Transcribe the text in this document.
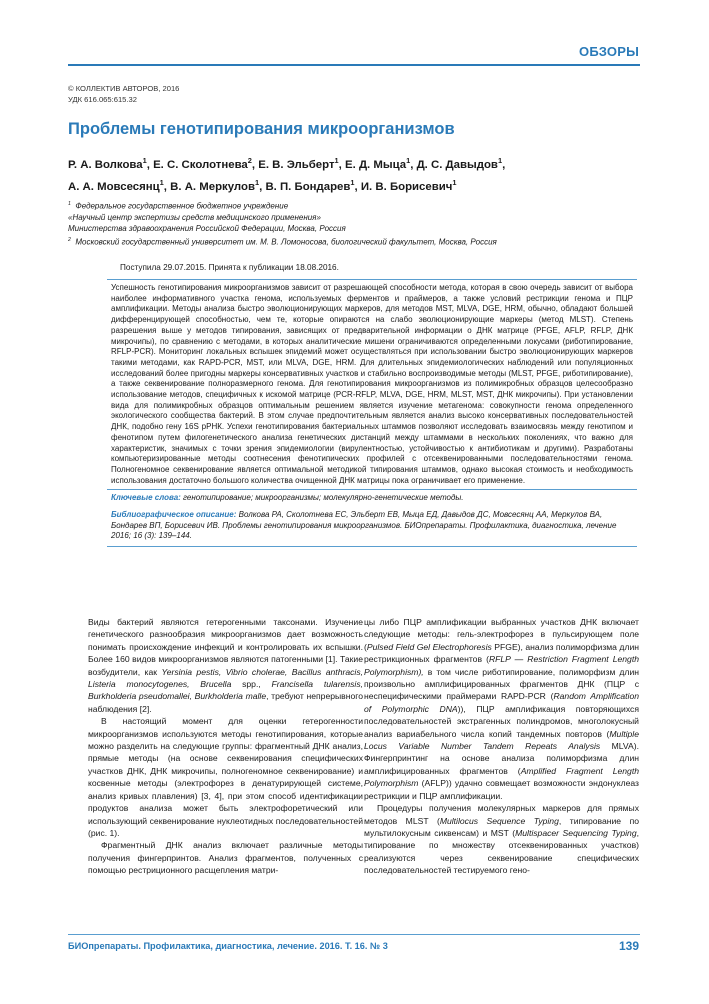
ОБЗОРЫ
© КОЛЛЕКТИВ АВТОРОВ, 2016
УДК 616.065:615.32
Проблемы генотипирования микроорганизмов
Р. А. Волкова$^1$, Е. С. Сколотнева$^2$, Е. В. Эльберт$^1$, Е. Д. Мыца$^1$, Д. С. Давыдов$^1$,
А. А. Мовсесянц$^1$, В. А. Меркулов$^1$, В. П. Бондарев$^1$, И. В. Борисевич$^1$
$^1$ Федеральное государственное бюджетное учреждение
«Научный центр экспертизы средств медицинского применения»
Министерства здравоохранения Российской Федерации, Москва, Россия
$^2$ Московский государственный университет им. М. В. Ломоносова, биологический факультет, Москва, Россия
Поступила 29.07.2015. Принята к публикации 18.08.2016.
Успешность генотипирования микроорганизмов зависит от разрешающей способности метода, которая в свою очередь зависит от выбора наиболее информативного участка генома, используемых ферментов и праймеров, а также условий рестрикции генома и ПЦР амплификации. Методы анализа быстро эволюционирующих маркеров, для методов MST, MLVA, DGE, HRM, обычно, обладают большей дифференцирующей способностью, чем те, которые опираются на слабо эволюционирующие маркеры (метод MLST). Степень разрешения выше у методов типирования, зависящих от предварительной информации о ДНК матрице (PFGE, AFLP, RFLP, ДНК микрочипы), по сравнению с методами, в которых аналитические мишени ограничиваются определенными локусами (риботипирование, RFLP-PCR). Мониторинг локальных вспышек эпидемий может осуществляться при использовании быстро эволюционирующих маркеров такими методами, как RAPD-PCR, MST, или MLVA, DGE, HRM. Для длительных эпидемиологических наблюдений или популяционных исследований более пригодны маркеры консервативных участков и стабильно воспроизводимые методы (MLST, PFGE, риботипирование), а также секвенирование полноразмерного генома. Для генотипирования микроорганизмов из полимикробных образцов целесообразно использование методов, специфичных к искомой матрице (PCR-RFLP, MLVA, DGE, HRM, MLST, MST, ДНК микрочипы). При установлении вида для полимикробных образцов оптимальным решением является изучение метагенома: совокупности генома определенного экологического сообщества бактерий. В этом случае предпочтительным является анализ высоко консервативных последовательностей ДНК, подобно гену 16S рРНК. Успехи генотипирования бактериальных штаммов позволяют исследовать взаимосвязь между генотипом и фенотипом путем филогенетического анализа генетических дистанций между штаммами в нескольких поколениях, что важно для характеристик, значимых с точки зрения эпидемиологии (вирулентностью, устойчивостью к антибиотикам и другими). Разработаны компьютеризированные методы соотнесения фенотипических профилей с отсеквенированными последовательностями генома. Полногеномное секвенирование является оптимальной методикой типирования штаммов, однако высокая стоимость и необходимость использования достаточно большого количества очищенной ДНК матрицы пока ограничивает его применение.
Ключевые слова: генотипирование; микроорганизмы; молекулярно-генетические методы.
Библиографическое описание: Волкова РА, Сколотнева ЕС, Эльберт ЕВ, Мыца ЕД, Давыдов ДС, Мовсесянц АА, Меркулов ВА, Бондарев ВП, Борисевич ИВ. Проблемы генотипирования микроорганизмов. БИОпрепараты. Профилактика, диагностика, лечение 2016; 16 (3): 139–144.

Виды бактерий являются гетерогенными таксонами. Изучение генетического разнообразия микроорганизмов дает возможность понимать происхождение инфекций и контролировать их вспышки. Более 160 видов микроорганизмов являются патогенными [1]. Такие возбудители, как Yersinia pestis, Vibrio cholerae, Bacillus anthracis, Listeria monocytogenes, Brucella spp., Francisella tularensis, Burkholderia pseudomallei, Burkholderia malle, требуют непрерывного наблюдения [2].

В настоящий момент для оценки гетерогенности микроорганизмов используются методы генотипирования, которые можно разделить на следующие группы: фрагментный ДНК анализ, прямые методы (на основе секвенирования специфических участков ДНК, ДНК микрочипы, полногеномное секвенирование) и косвенные методы (электрофорез в денатурирующей системе, анализ кривых плавления) [3, 4], при этом способ идентификации продуктов анализа может быть электрофоретический или использующий секвенирование нуклеотидных последовательностей (рис. 1).

Фрагментный ДНК анализ включает различные методы получения фингерпринтов. Анализ фрагментов, полученных с помощью рестриционного расщепления матри-

цы либо ПЦР амплификации выбранных участков ДНК включает следующие методы: гель-электрофорез в пульсирующем поле (Pulsed Field Gel Electrophoresis PFGE), анализ полиморфизма длин рестрикционных фрагментов (RFLP — Restriction Fragment Length Polymorphism), в том числе риботипирование, полиморфизм длин произвольно амплифицированных фрагментов ДНК (ПЦР с неспецифическими праймерами RAPD-PCR (Random Amplification of Polymorphic DNA)), ПЦР амплификация повторяющихся последовательностей экстрагенных полиндромов, многолокусный анализ вариабельного числа копий тандемных повторов (Multiple Locus Variable Number Tandem Repeats Analysis MLVA). Фингерпринтинг на основе анализа полиморфизма длин амплифицированных фрагментов (Amplified Fragment Length Polymorphism (AFLP)) удачно совмещает возможности эндонуклеаз рестрикции и ПЦР амплификации.

Процедуры получения молекулярных маркеров для прямых методов MLST (Multilocus Sequence Typing, типирование по мультилокусным сиквенсам) и MST (Multispacer Sequencing Typing, типирование по множеству отсеквенированных участков) реализуются через секвенирование специфических последовательностей тестируемого гено-

БИОпрепараты. Профилактика, диагностика, лечение. 2016. Т. 16. № 3	139
